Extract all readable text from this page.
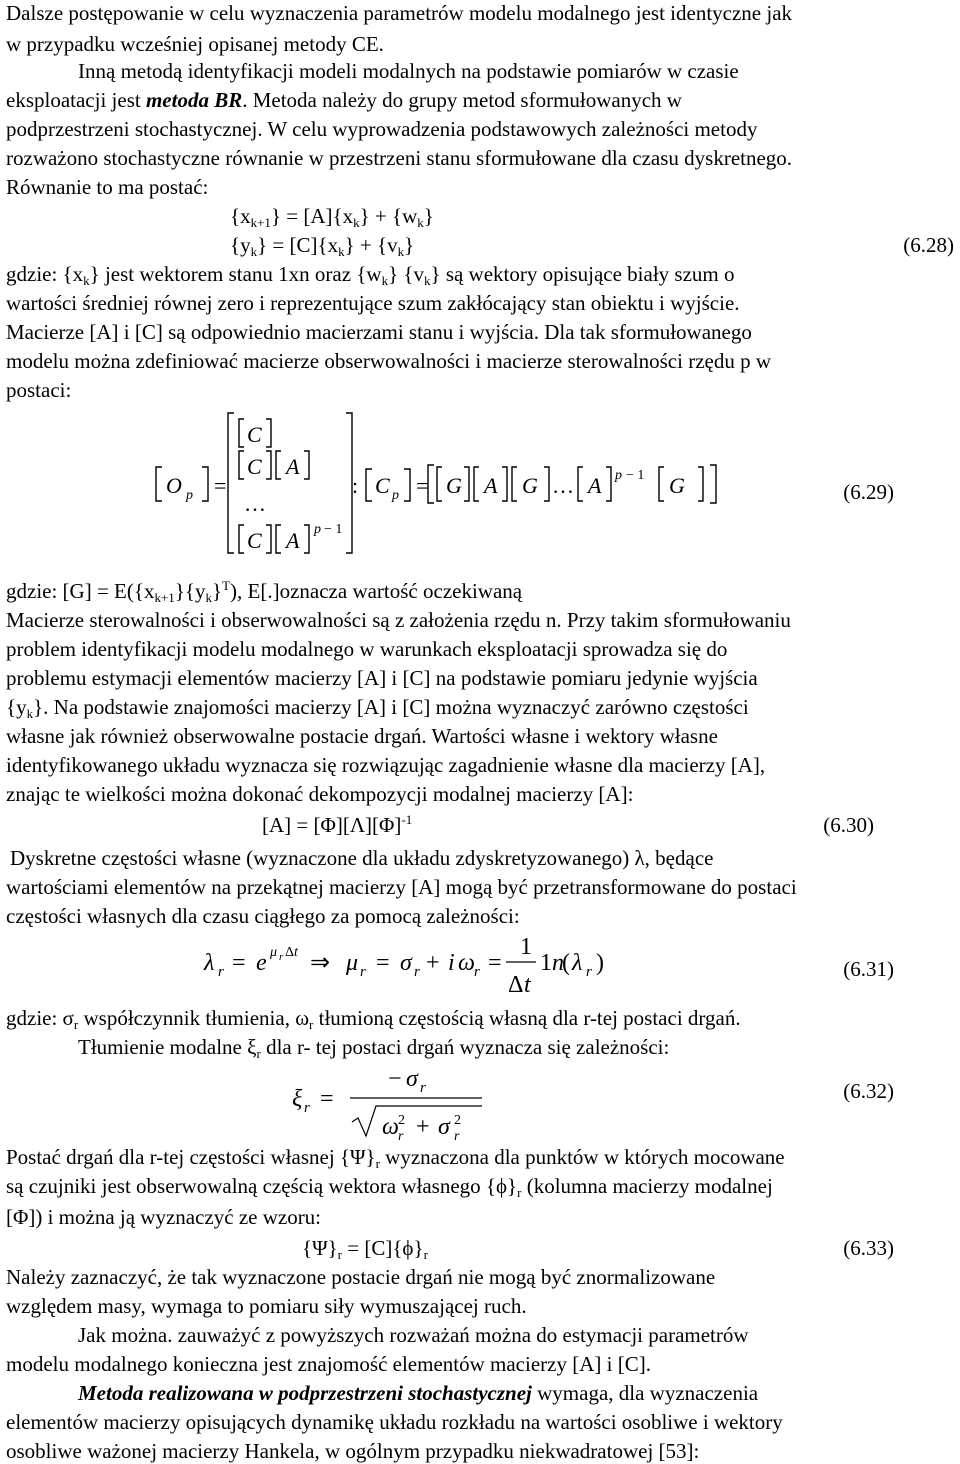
Dalsze postępowanie w celu wyznaczenia parametrów modelu modalnego jest identyczne jak
w przypadku wcześniej opisanej metody CE.
Inną metodą identyfikacji modeli modalnych na podstawie pomiarów w czasie
eksploatacji jest metoda BR. Metoda należy do grupy metod sformułowanych w
podprzestrzeni stochastycznej. W celu wyprowadzenia podstawowych zależności metody
rozważono stochastyczne równanie w przestrzeni stanu sformułowane dla czasu dyskretnego.
Równanie to ma postać:
$\{x_{k+1}\} = [A]\{x_k\} + \{w_k\}$
$\{y_k\} = [C]\{x_k\} + \{v_k\}$	(6.28)
gdzie: $\{x_k\}$ jest wektorem stanu 1xn oraz $\{w_k\}$ $\{v_k\}$ są wektory opisujące biały szum o
wartości średniej równej zero i reprezentujące szum zakłócający stan obiektu i wyjście.
Macierze [A] i [C] są odpowiednio macierzami stanu i wyjścia. Dla tak sformułowanego
modelu można zdefiniować macierze obserwowalności i macierze sterowalności rzędu p w
postaci:
O p =
C
C A
…
C A p − 1
: C p = G A G … A p − 1 G	(6.29)
gdzie: $[G] = E(\{x_{k+1}\}\{y_k\}^T)$, E[.]oznacza wartość oczekiwaną
Macierze sterowalności i obserwowalności są z założenia rzędu n. Przy takim sformułowaniu
problem identyfikacji modelu modalnego w warunkach eksploatacji sprowadza się do
problemu estymacji elementów macierzy [A] i [C] na podstawie pomiaru jedynie wyjścia
$\{y_k\}$. Na podstawie znajomości macierzy [A] i [C] można wyznaczyć zarówno częstości
własne jak również obserwowalne postacie drgań. Wartości własne i wektory własne
identyfikowanego układu wyznacza się rozwiązując zagadnienie własne dla macierzy [A],
znając te wielkości można dokonać dekompozycji modalnej macierzy [A]:
$[A] = [\Phi][\Lambda][\Phi]^{-1}$	(6.30)
Dyskretne częstości własne (wyznaczone dla układu zdyskretyzowanego) λ, będące
wartościami elementów na przekątnej macierzy [A] mogą być przetransformowane do postaci
częstości własnych dla czasu ciągłego za pomocą zależności:
λ r = e μ r Δ t ⇒ μ r = σ r + i ω r =
1
Δ t
1 n
( λ r )	(6.31)
gdzie: $\sigma_r$ współczynnik tłumienia, $\omega_r$ tłumioną częstością własną dla r-tej postaci drgań.
Tłumienie modalne $\xi_r$ dla r- tej postaci drgań wyznacza się zależności:
ξ r =
− σ r
ω 2
r + σ 2
r
(6.32)
Postać drgań dla r-tej częstości własnej $\{\Psi\}_r$ wyznaczona dla punktów w których mocowane
są czujniki jest obserwowalną częścią wektora własnego $\{\phi\}_r$ (kolumna macierzy modalnej
[Φ]) i można ją wyznaczyć ze wzoru:
$\{\Psi\}_r = [C]\{\phi\}_r$	(6.33)
Należy zaznaczyć, że tak wyznaczone postacie drgań nie mogą być znormalizowane
względem masy, wymaga to pomiaru siły wymuszającej ruch.
Jak można. zauważyć z powyższych rozważań można do estymacji parametrów
modelu modalnego konieczna jest znajomość elementów macierzy [A] i [C].
Metoda realizowana w podprzestrzeni stochastycznej wymaga, dla wyznaczenia
elementów macierzy opisujących dynamikę układu rozkładu na wartości osobliwe i wektory
osobliwe ważonej macierzy Hankela, w ogólnym przypadku niekwadratowej [53]:
